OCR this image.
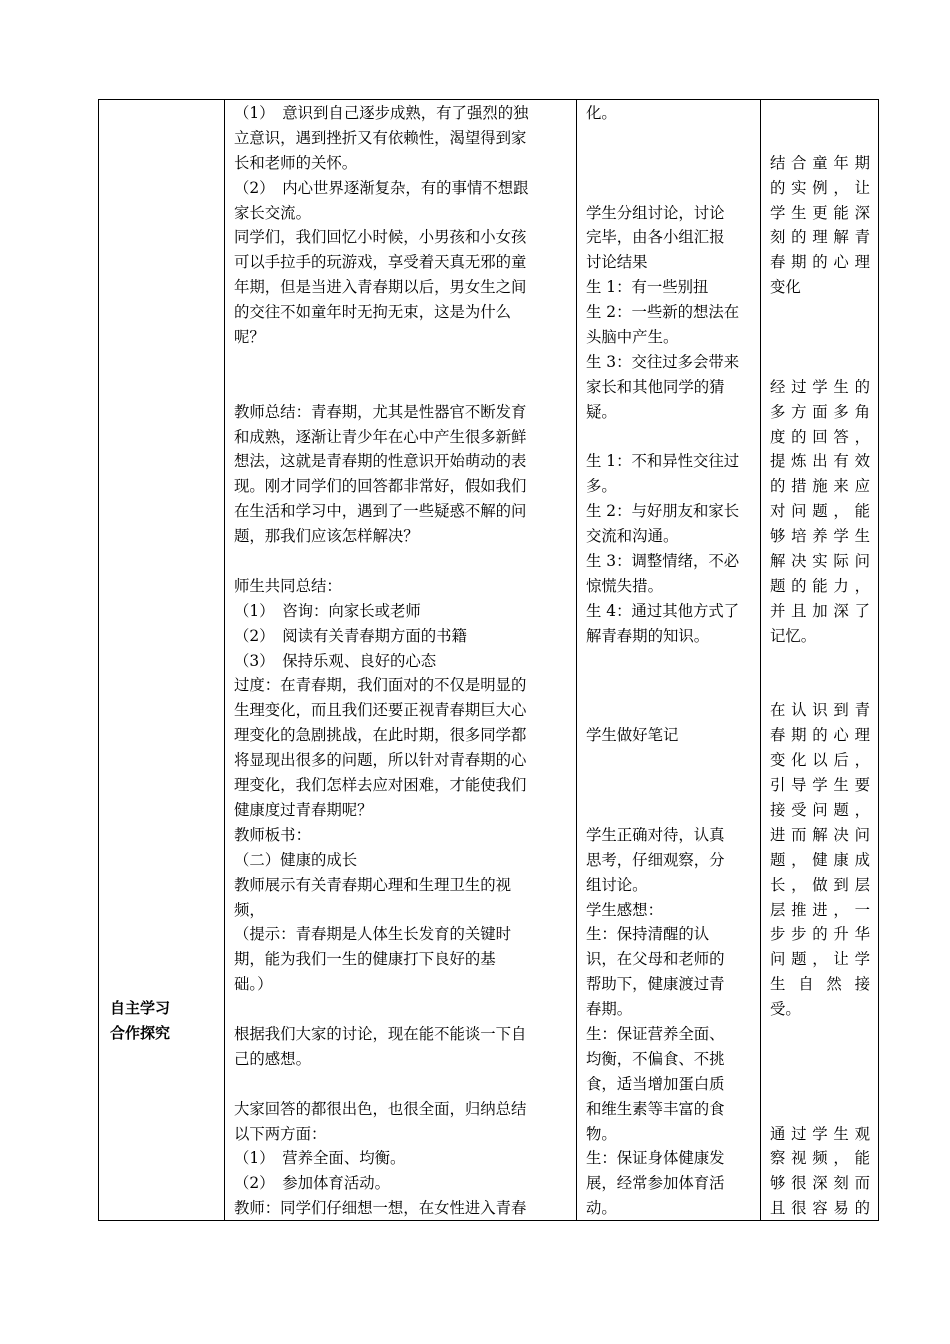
自主学习
合作探究
（1）　意识到自己逐步成熟，有了强烈的独
立意识，遇到挫折又有依赖性，渴望得到家
长和老师的关怀。
（2）　内心世界逐渐复杂，有的事情不想跟
家长交流。
同学们，我们回忆小时候，小男孩和小女孩
可以手拉手的玩游戏，享受着天真无邪的童
年期，但是当进入青春期以后，男女生之间
的交往不如童年时无拘无束，这是为什么
呢？
教师总结：青春期，尤其是性器官不断发育
和成熟，逐渐让青少年在心中产生很多新鲜
想法，这就是青春期的性意识开始萌动的表
现。刚才同学们的回答都非常好，假如我们
在生活和学习中，遇到了一些疑惑不解的问
题，那我们应该怎样解决？
师生共同总结：
（1）　咨询：向家长或老师
（2）　阅读有关青春期方面的书籍
（3）　保持乐观、良好的心态
过度：在青春期，我们面对的不仅是明显的
生理变化，而且我们还要正视青春期巨大心
理变化的急剧挑战，在此时期，很多同学都
将显现出很多的问题，所以针对青春期的心
理变化，我们怎样去应对困难，才能使我们
健康度过青春期呢？
教师板书：
（二）健康的成长
教师展示有关青春期心理和生理卫生的视
频，
（提示：青春期是人体生长发育的关键时
期，能为我们一生的健康打下良好的基
础。）
根据我们大家的讨论，现在能不能谈一下自
己的感想。
大家回答的都很出色，也很全面，归纳总结
以下两方面：
（1）　营养全面、均衡。
（2）　参加体育活动。
教师：同学们仔细想一想，在女性进入青春
化。
学生分组讨论，讨论
完毕，由各小组汇报
讨论结果
生 1：有一些别扭
生 2：一些新的想法在
头脑中产生。
生 3：交往过多会带来
家长和其他同学的猜
疑。
生 1：不和异性交往过
多。
生 2：与好朋友和家长
交流和沟通。
生 3：调整情绪，不必
惊慌失措。
生 4：通过其他方式了
解青春期的知识。
学生做好笔记
学生正确对待，认真
思考，仔细观察，分
组讨论。
学生感想：
生：保持清醒的认
识，在父母和老师的
帮助下，健康渡过青
春期。
生：保证营养全面、
均衡，不偏食、不挑
食，适当增加蛋白质
和维生素等丰富的食
物。
生：保证身体健康发
展，经常参加体育活
动。
结 合 童 年 期
的 实 例 ， 让
学 生 更 能 深
刻 的 理 解 青
春 期 的 心 理
变化
经 过 学 生 的
多 方 面 多 角
度 的 回 答 ，
提 炼 出 有 效
的 措 施 来 应
对 问 题 ， 能
够 培 养 学 生
解 决 实 际 问
题 的 能 力 ，
并 且 加 深 了
记忆。
在 认 识 到 青
春 期 的 心 理
变 化 以 后 ，
引 导 学 生 要
接 受 问 题 ，
进 而 解 决 问
题 ， 健 康 成
长 ， 做 到 层
层 推 进 ， 一
步 步 的 升 华
问 题 ， 让 学
生 自 然 接
受。
通 过 学 生 观
察 视 频 ， 能
够 很 深 刻 而
且 很 容 易 的
